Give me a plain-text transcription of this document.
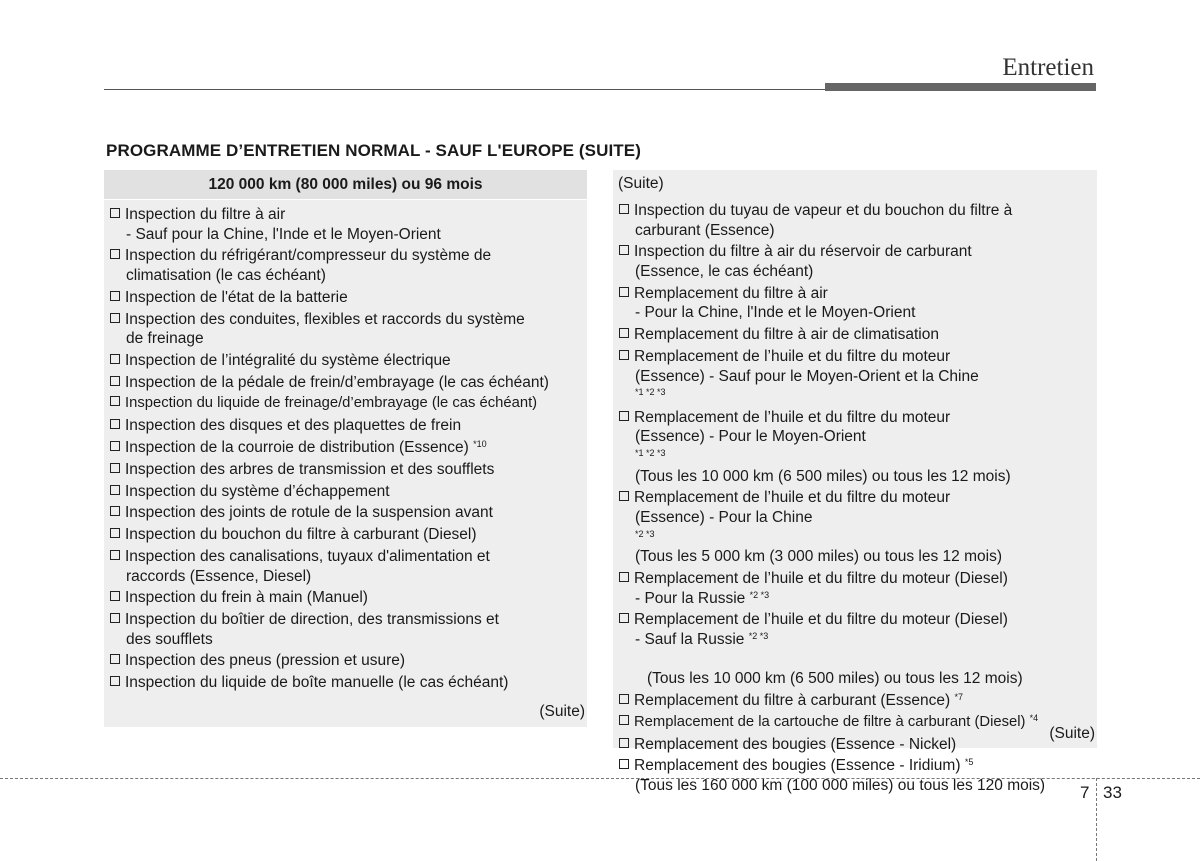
Entretien
PROGRAMME D’ENTRETIEN NORMAL - SAUF L'EUROPE (SUITE)
120 000 km (80 000 miles) ou 96 mois
Inspection du filtre à air

- Sauf pour la Chine, l'Inde et le Moyen-Orient
Inspection du réfrigérant/compresseur du système de

climatisation (le cas échéant)
Inspection de l'état de la batterie
Inspection des conduites, flexibles et raccords du système

de freinage
Inspection de l’intégralité du système électrique
Inspection de la pédale de frein/d’embrayage (le cas échéant)
Inspection du liquide de freinage/d’embrayage (le cas échéant)
Inspection des disques et des plaquettes de frein
Inspection de la courroie de distribution (Essence) $^{*10}$
Inspection des arbres de transmission et des soufflets
Inspection du système d’échappement
Inspection des joints de rotule de la suspension avant
Inspection du bouchon du filtre à carburant (Diesel)
Inspection des canalisations, tuyaux d'alimentation et

raccords (Essence, Diesel)
Inspection du frein à main (Manuel)
Inspection du boîtier de direction, des transmissions et

des soufflets
Inspection des pneus (pression et usure)
Inspection du liquide de boîte manuelle (le cas échéant)
(Suite)
(Suite)
Inspection du tuyau de vapeur et du bouchon du filtre à

carburant (Essence)
Inspection du filtre à air du réservoir de carburant

(Essence, le cas échéant)
Remplacement du filtre à air

- Pour la Chine, l'Inde et le Moyen-Orient
Remplacement du filtre à air de climatisation
Remplacement de l’huile et du filtre du moteur

(Essence) - Sauf pour le Moyen-Orient et la Chine
$^{*1 *2 *3}$
Remplacement de l’huile et du filtre du moteur

(Essence) - Pour le Moyen-Orient
$^{*1 *2 *3}$

(Tous les 10 000 km (6 500 miles) ou tous les 12 mois)
Remplacement de l’huile et du filtre du moteur

(Essence) - Pour la Chine
$^{*2 *3}$

(Tous les 5 000 km (3 000 miles) ou tous les 12 mois)
Remplacement de l’huile et du filtre du moteur (Diesel)

- Pour la Russie $^{*2 *3}$
Remplacement de l’huile et du filtre du moteur (Diesel)

- Sauf la Russie $^{*2 *3}$

(Tous les 10 000 km (6 500 miles) ou tous les 12 mois)
Remplacement du filtre à carburant (Essence) $^{*7}$
Remplacement de la cartouche de filtre à carburant (Diesel) $^{*4}$
Remplacement des bougies (Essence - Nickel)
Remplacement des bougies (Essence - Iridium) $^{*5}$

(Tous les 160 000 km (100 000 miles) ou tous les 120 mois)
(Suite)
7 33
